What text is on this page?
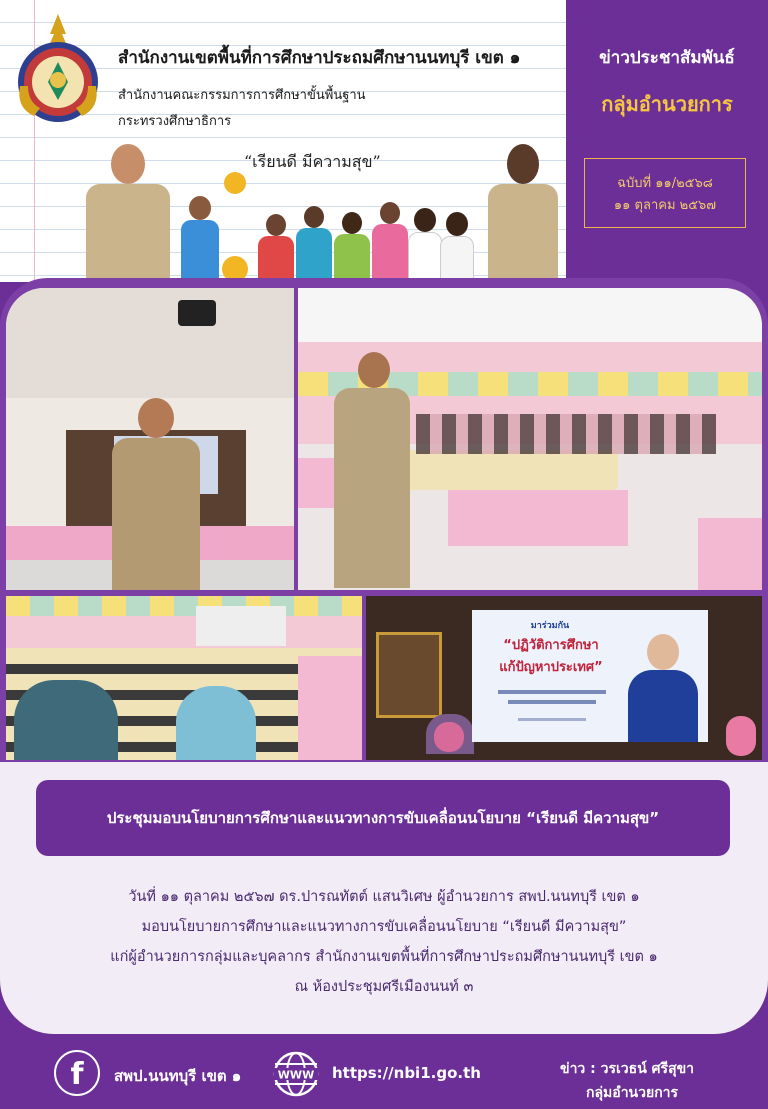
สำนักงานเขตพื้นที่การศึกษาประถมศึกษานนทบุรี เขต ๑
สำนักงานคณะกรรมการการศึกษาขั้นพื้นฐาน
กระทรวงศึกษาธิการ
“เรียนดี มีความสุข”
ข่าวประชาสัมพันธ์
กลุ่มอำนวยการ
ฉบับที่ ๑๑/๒๕๖๘
๑๑ ตุลาคม ๒๕๖๗
มาร่วมกัน
“ปฏิวัติการศึกษา
แก้ปัญหาประเทศ”
ประชุมมอบนโยบายการศึกษาและแนวทางการขับเคลื่อนนโยบาย “เรียนดี มีความสุข”
วันที่ ๑๑ ตุลาคม ๒๕๖๗ ดร.ปารณทัตต์ แสนวิเศษ ผู้อำนวยการ สพป.นนทบุรี เขต ๑
มอบนโยบายการศึกษาและแนวทางการขับเคลื่อนนโยบาย “เรียนดี มีความสุข”
แก่ผู้อำนวยการกลุ่มและบุคลากร สำนักงานเขตพื้นที่การศึกษาประถมศึกษานนทบุรี เขต ๑
ณ ห้องประชุมศรีเมืองนนท์ ๓
f	สพป.นนทบุรี เขต ๑	WWW https://nbi1.go.th	ข่าว : วรเวธน์ ศรีสุขา
กลุ่มอำนวยการ
